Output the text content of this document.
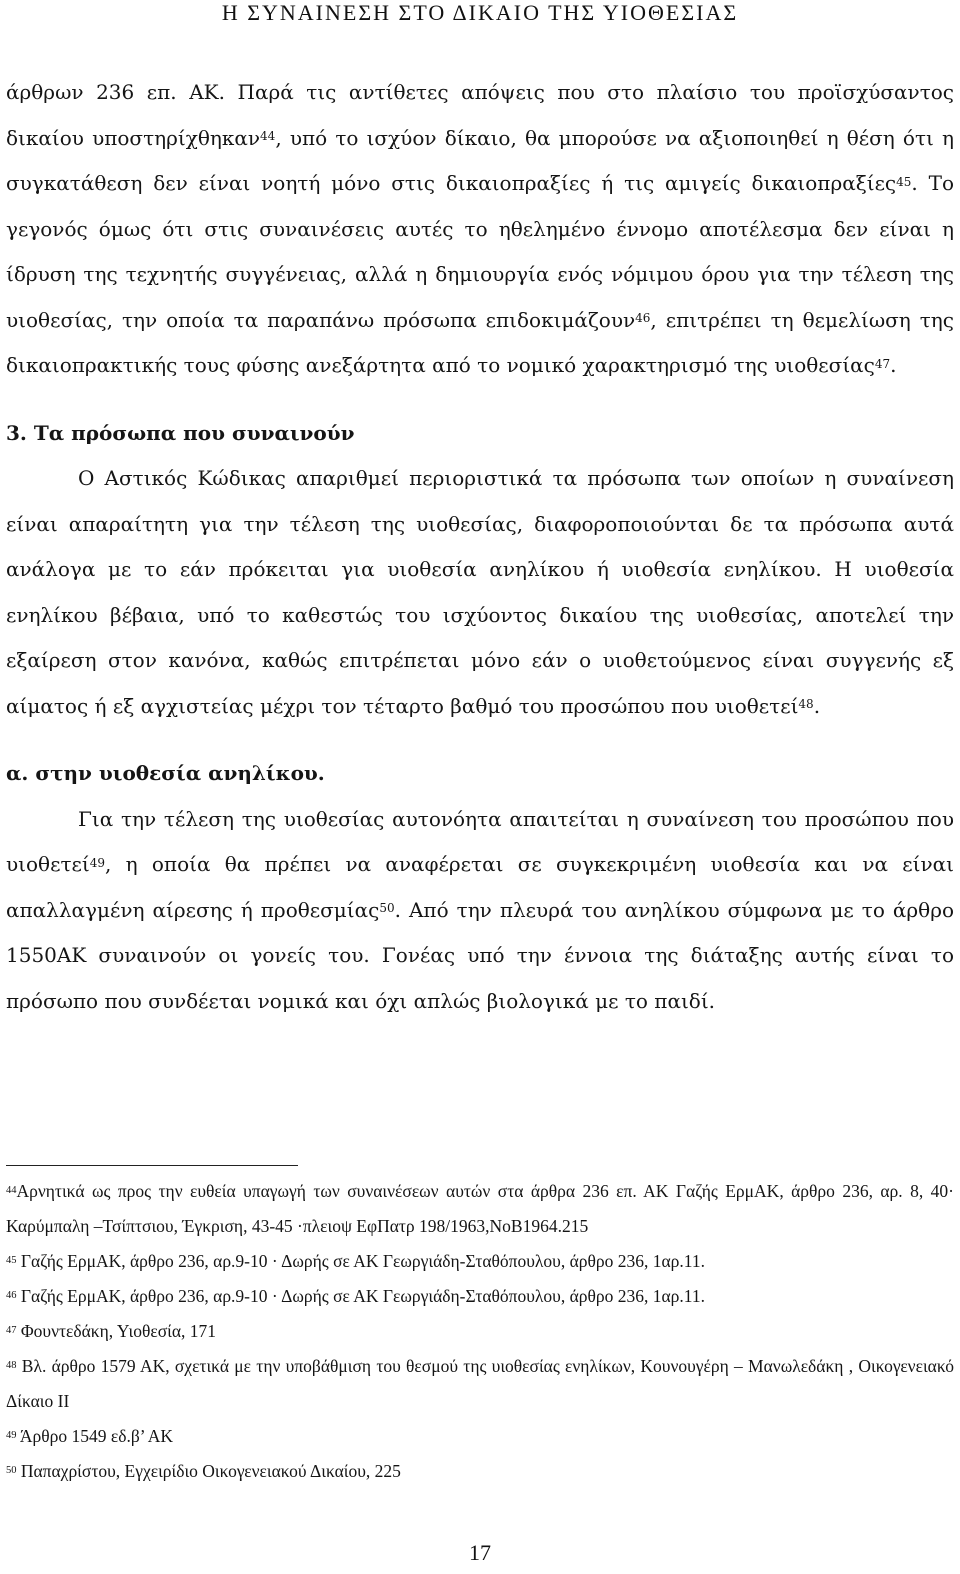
Η ΣΥΝΑΙΝΕΣΗ ΣΤΟ ΔΙΚΑΙΟ ΤΗΣ ΥΙΟΘΕΣΙΑΣ

άρθρων 236 επ. ΑΚ. Παρά τις αντίθετες απόψεις που στο πλαίσιο του προϊσχύσαντος δικαίου υποστηρίχθηκαν$^{44}$, υπό το ισχύον δίκαιο, θα μπορούσε να αξιοποιηθεί η θέση ότι η συγκατάθεση δεν είναι νοητή μόνο στις δικαιοπραξίες ή τις αμιγείς δικαιοπραξίες$^{45}$. Το γεγονός όμως ότι στις συναινέσεις αυτές το ηθελημένο έννομο αποτέλεσμα δεν είναι η ίδρυση της τεχνητής συγγένειας, αλλά η δημιουργία ενός νόμιμου όρου για την τέλεση της υιοθεσίας, την οποία τα παραπάνω πρόσωπα επιδοκιμάζουν$^{46}$, επιτρέπει τη θεμελίωση της δικαιοπρακτικής τους φύσης ανεξάρτητα από το νομικό χαρακτηρισμό της υιοθεσίας$^{47}$.

3. Τα πρόσωπα που συναινούν

Ο Αστικός Κώδικας απαριθμεί περιοριστικά τα πρόσωπα των οποίων η συναίνεση είναι απαραίτητη για την τέλεση της υιοθεσίας, διαφοροποιούνται δε τα πρόσωπα αυτά ανάλογα με το εάν πρόκειται για υιοθεσία ανηλίκου ή υιοθεσία ενηλίκου. Η υιοθεσία ενηλίκου βέβαια, υπό το καθεστώς του ισχύοντος δικαίου της υιοθεσίας, αποτελεί την εξαίρεση στον κανόνα, καθώς επιτρέπεται μόνο εάν ο υιοθετούμενος είναι συγγενής εξ αίματος ή εξ αγχιστείας μέχρι τον τέταρτο βαθμό του προσώπου που υιοθετεί$^{48}$.

α. στην υιοθεσία ανηλίκου.

Για την τέλεση της υιοθεσίας αυτονόητα απαιτείται η συναίνεση του προσώπου που υιοθετεί$^{49}$, η οποία θα πρέπει να αναφέρεται σε συγκεκριμένη υιοθεσία και να είναι απαλλαγμένη αίρεσης ή προθεσμίας$^{50}$. Από την πλευρά του ανηλίκου σύμφωνα με το άρθρο 1550ΑΚ συναινούν οι γονείς του. Γονέας υπό την έννοια της διάταξης αυτής είναι το πρόσωπο που συνδέεται νομικά και όχι απλώς βιολογικά με το παιδί.

$^{44}$Αρνητικά ως προς την ευθεία υπαγωγή των συναινέσεων αυτών στα άρθρα 236 επ. ΑΚ Γαζής ΕρμΑΚ, άρθρο 236, αρ. 8, 40· Καρύμπαλη –Τσίπτσιου, Έγκριση, 43-45 ·πλειοψ ΕφΠατρ 198/1963,ΝοΒ1964.215

$^{45}$ Γαζής ΕρμΑΚ, άρθρο 236, αρ.9-10 · Δωρής σε ΑΚ Γεωργιάδη-Σταθόπουλου, άρθρο 236, 1αρ.11.

$^{46}$ Γαζής ΕρμΑΚ, άρθρο 236, αρ.9-10 · Δωρής σε ΑΚ Γεωργιάδη-Σταθόπουλου, άρθρο 236, 1αρ.11.

$^{47}$ Φουντεδάκη, Υιοθεσία, 171

$^{48}$ Βλ. άρθρο 1579 ΑΚ, σχετικά με την υποβάθμιση του θεσμού της υιοθεσίας ενηλίκων, Κουνουγέρη – Μανωλεδάκη , Οικογενειακό Δίκαιο ΙΙ

$^{49}$ Άρθρο 1549 εδ.β’ ΑΚ

$^{50}$ Παπαχρίστου, Εγχειρίδιο Οικογενειακού Δικαίου, 225

17
